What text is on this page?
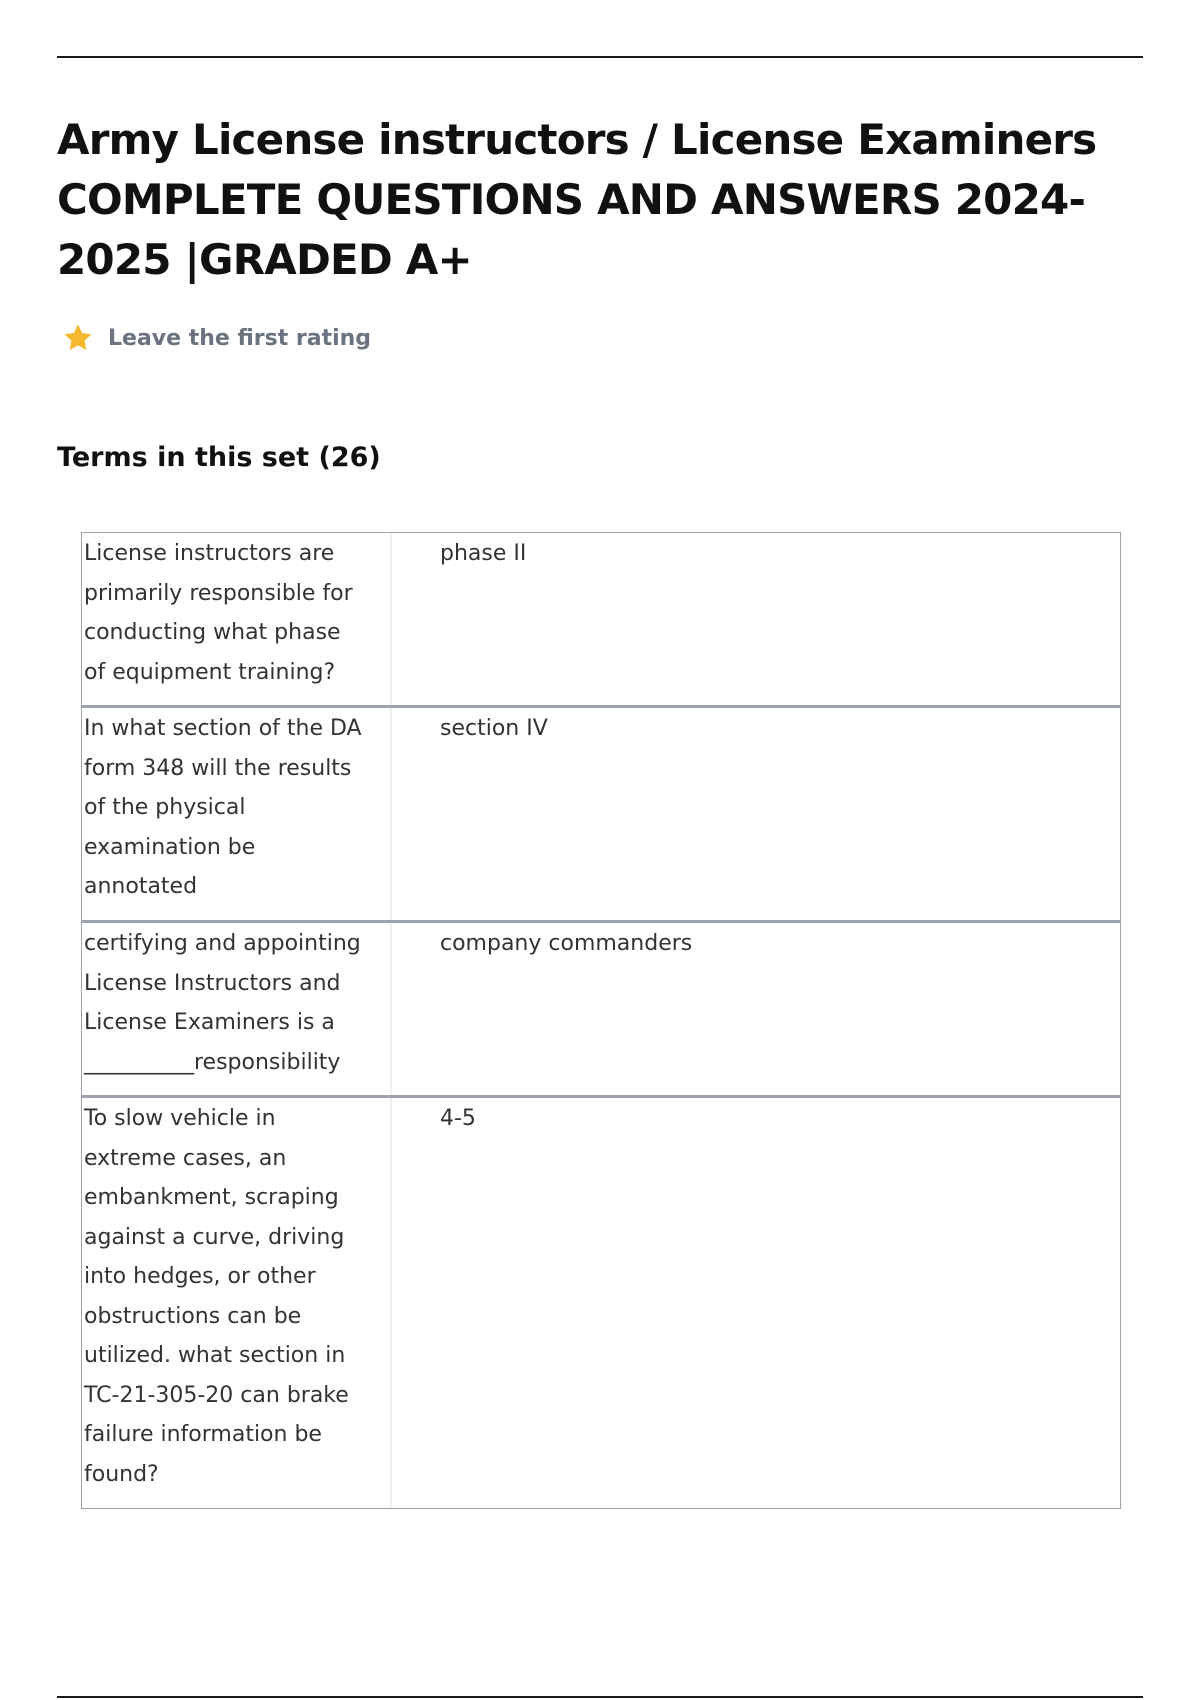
Army License instructors / License Examiners COMPLETE QUESTIONS AND ANSWERS 2024-2025 |GRADED A+
Leave the first rating
Terms in this set (26)
License instructors are
primarily responsible for
conducting what phase
of equipment training?
phase II
In what section of the DA
form 348 will the results
of the physical
examination be
annotated
section IV
certifying and appointing
License Instructors and
License Examiners is a
__________responsibility
company commanders
To slow vehicle in
extreme cases, an
embankment, scraping
against a curve, driving
into hedges, or other
obstructions can be
utilized. what section in
TC-21-305-20 can brake
failure information be
found?
4-5
